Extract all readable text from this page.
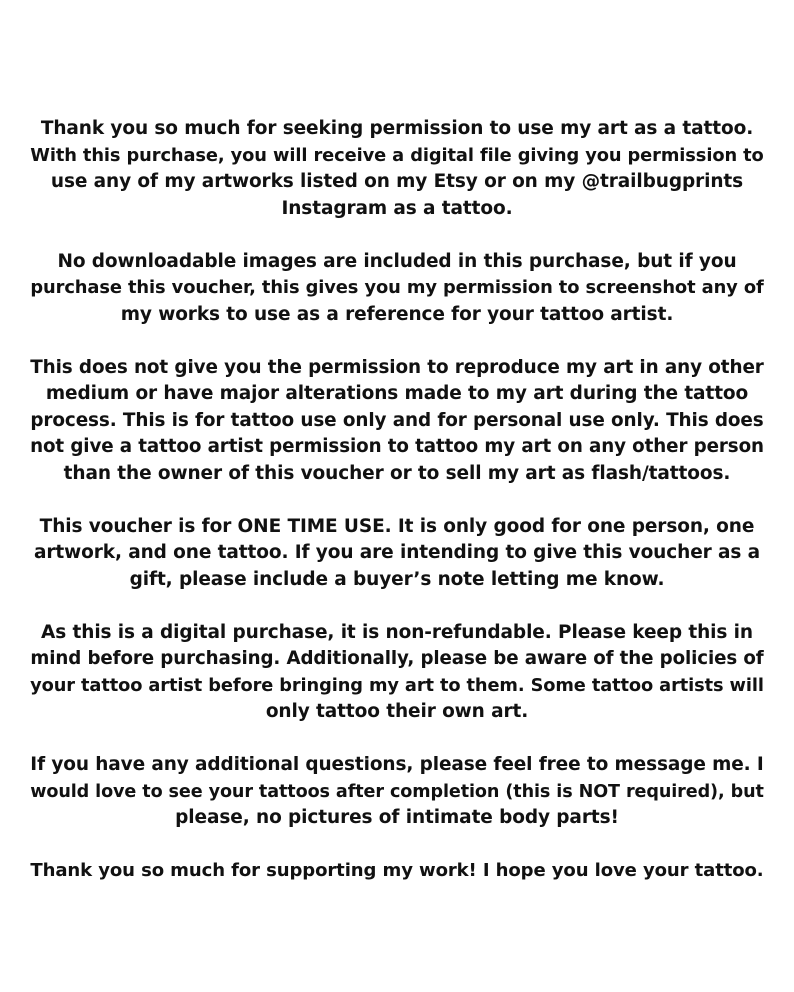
Thank you so much for seeking permission to use my art as a tattoo.
With this purchase, you will receive a digital file giving you permission to
use any of my artworks listed on my Etsy or on my @trailbugprints
Instagram as a tattoo.

No downloadable images are included in this purchase, but if you
purchase this voucher, this gives you my permission to screenshot any of
my works to use as a reference for your tattoo artist.

This does not give you the permission to reproduce my art in any other
medium or have major alterations made to my art during the tattoo
process. This is for tattoo use only and for personal use only. This does
not give a tattoo artist permission to tattoo my art on any other person
than the owner of this voucher or to sell my art as flash/tattoos.

This voucher is for ONE TIME USE. It is only good for one person, one
artwork, and one tattoo. If you are intending to give this voucher as a
gift, please include a buyer’s note letting me know.

As this is a digital purchase, it is non-refundable. Please keep this in
mind before purchasing. Additionally, please be aware of the policies of
your tattoo artist before bringing my art to them. Some tattoo artists will
only tattoo their own art.

If you have any additional questions, please feel free to message me. I
would love to see your tattoos after completion (this is NOT required), but
please, no pictures of intimate body parts!

Thank you so much for supporting my work! I hope you love your tattoo.
